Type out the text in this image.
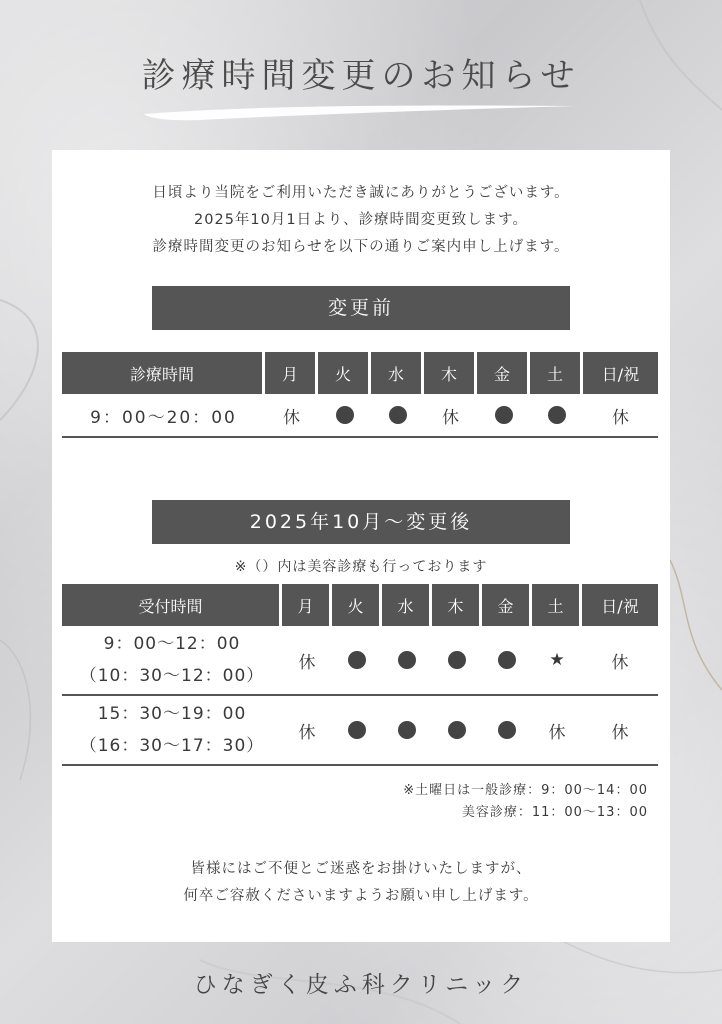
診療時間変更のお知らせ
日頃より当院をご利用いただき誠にありがとうございます。
2025年10月1日より、診療時間変更致します。
診療時間変更のお知らせを以下の通りご案内申し上げます。
変更前
診療時間	月	火	水	木	金	土	日/祝
9：00〜20：00	休			休			休
2025年10月〜変更後
※（）内は美容診療も行っております
受付時間	月	火	水	木	金	土	日/祝

9：00〜12：00
（10：30〜12：00）	休					★	休

15：30〜19：00
（16：30〜17：30）	休					休	休
※土曜日は一般診療：9：00〜14：00
美容診療：11：00〜13：00
皆様にはご不便とご迷惑をお掛けいたしますが、
何卒ご容赦くださいますようお願い申し上げます。
ひなぎく皮ふ科クリニック
